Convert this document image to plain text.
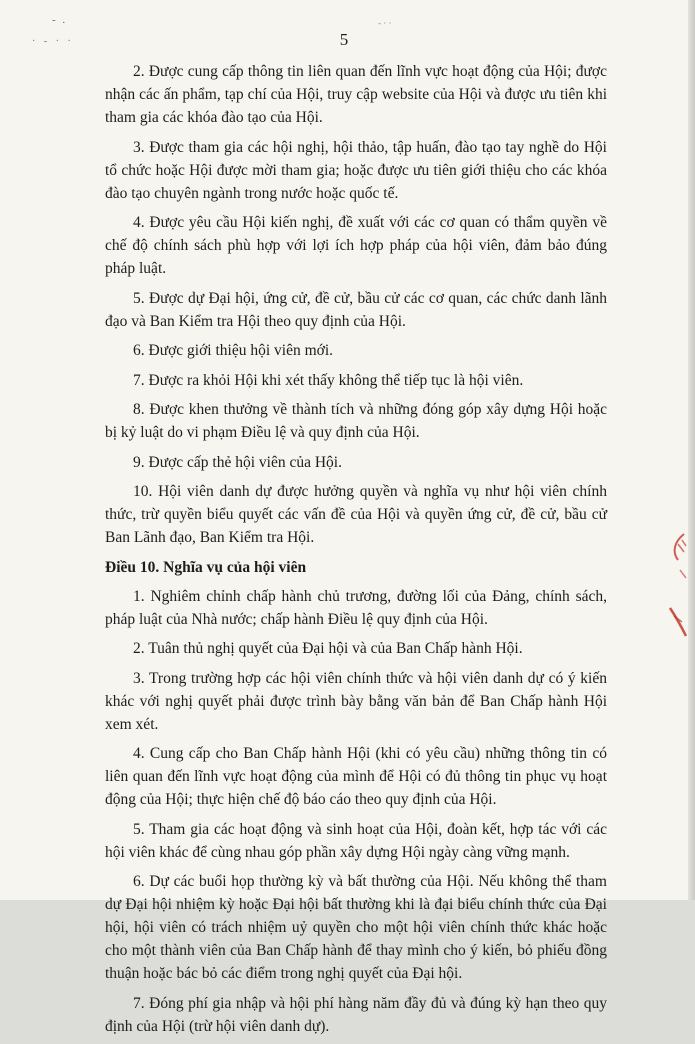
- .
· - · ·
- · ·
5

2. Được cung cấp thông tin liên quan đến lĩnh vực hoạt động của Hội; được nhận các ấn phẩm, tạp chí của Hội, truy cập website của Hội và được ưu tiên khi tham gia các khóa đào tạo của Hội.

3. Được tham gia các hội nghị, hội thảo, tập huấn, đào tạo tay nghề do Hội tổ chức hoặc Hội được mời tham gia; hoặc được ưu tiên giới thiệu cho các khóa đào tạo chuyên ngành trong nước hoặc quốc tế.

4. Được yêu cầu Hội kiến nghị, đề xuất với các cơ quan có thẩm quyền về chế độ chính sách phù hợp với lợi ích hợp pháp của hội viên, đảm bảo đúng pháp luật.

5. Được dự Đại hội, ứng cử, đề cử, bầu cử các cơ quan, các chức danh lãnh đạo và Ban Kiểm tra Hội theo quy định của Hội.

6. Được giới thiệu hội viên mới.

7. Được ra khỏi Hội khi xét thấy không thể tiếp tục là hội viên.

8. Được khen thưởng về thành tích và những đóng góp xây dựng Hội hoặc bị kỷ luật do vi phạm Điều lệ và quy định của Hội.

9. Được cấp thẻ hội viên của Hội.

10. Hội viên danh dự được hưởng quyền và nghĩa vụ như hội viên chính thức, trừ quyền biểu quyết các vấn đề của Hội và quyền ứng cử, đề cử, bầu cử Ban Lãnh đạo, Ban Kiểm tra Hội.

Điều 10. Nghĩa vụ của hội viên

1. Nghiêm chỉnh chấp hành chủ trương, đường lối của Đảng, chính sách, pháp luật của Nhà nước; chấp hành Điều lệ quy định của Hội.

2. Tuân thủ nghị quyết của Đại hội và của Ban Chấp hành Hội.

3. Trong trường hợp các hội viên chính thức và hội viên danh dự có ý kiến khác với nghị quyết phải được trình bày bằng văn bản để Ban Chấp hành Hội xem xét.

4. Cung cấp cho Ban Chấp hành Hội (khi có yêu cầu) những thông tin có liên quan đến lĩnh vực hoạt động của mình để Hội có đủ thông tin phục vụ hoạt động của Hội; thực hiện chế độ báo cáo theo quy định của Hội.

5. Tham gia các hoạt động và sinh hoạt của Hội, đoàn kết, hợp tác với các hội viên khác để cùng nhau góp phần xây dựng Hội ngày càng vững mạnh.

6. Dự các buổi họp thường kỳ và bất thường của Hội. Nếu không thể tham dự Đại hội nhiệm kỳ hoặc Đại hội bất thường khi là đại biểu chính thức của Đại hội, hội viên có trách nhiệm uỷ quyền cho một hội viên chính thức khác hoặc cho một thành viên của Ban Chấp hành để thay mình cho ý kiến, bỏ phiếu đồng thuận hoặc bác bỏ các điểm trong nghị quyết của Đại hội.

7. Đóng phí gia nhập và hội phí hàng năm đầy đủ và đúng kỳ hạn theo quy định của Hội (trừ hội viên danh dự).
